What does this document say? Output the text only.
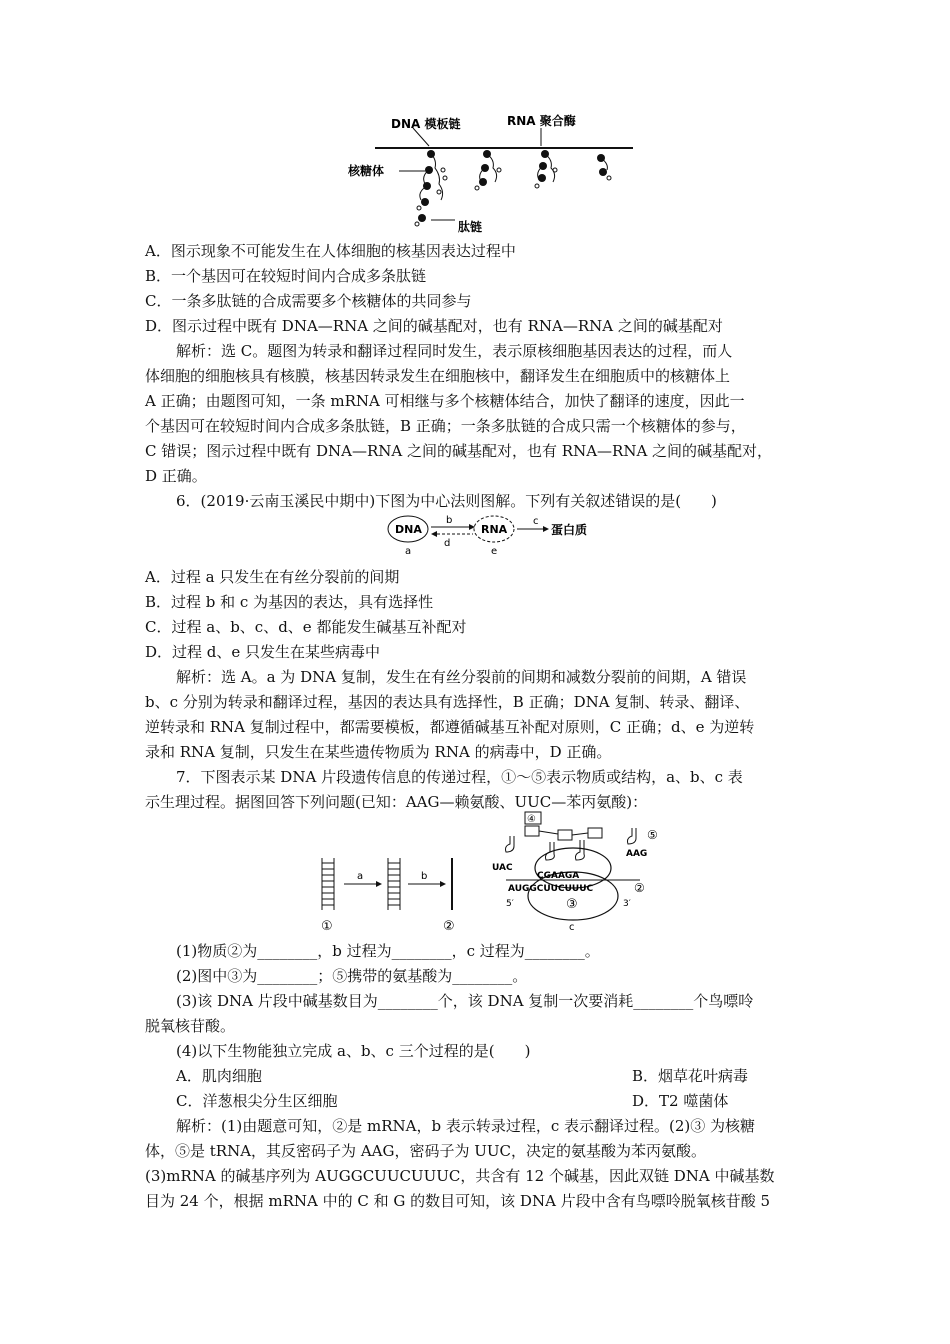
DNA 模板链	RNA 聚合酶
核糖体
肽链
A．图示现象不可能发生在人体细胞的核基因表达过程中
B．一个基因可在较短时间内合成多条肽链
C．一条多肽链的合成需要多个核糖体的共同参与
D．图示过程中既有 DNA—RNA 之间的碱基配对，也有 RNA—RNA 之间的碱基配对
解析：选 C。题图为转录和翻译过程同时发生，表示原核细胞基因表达的过程，而人
体细胞的细胞核具有核膜，核基因转录发生在细胞核中，翻译发生在细胞质中的核糖体上
A 正确；由题图可知，一条 mRNA 可相继与多个核糖体结合，加快了翻译的速度，因此一
个基因可在较短时间内合成多条肽链，B 正确；一条多肽链的合成只需一个核糖体的参与，
C 错误；图示过程中既有 DNA—RNA 之间的碱基配对，也有 RNA—RNA 之间的碱基配对，
D 正确。
6．(2019·云南玉溪民中期中)下图为中心法则图解。下列有关叙述错误的是(　　)
DNA	RNA	蛋白质
a
b	c
d
e
A．过程 a 只发生在有丝分裂前的间期
B．过程 b 和 c 为基因的表达，具有选择性
C．过程 a、b、c、d、e 都能发生碱基互补配对
D．过程 d、e 只发生在某些病毒中
解析：选 A。a 为 DNA 复制，发生在有丝分裂前的间期和减数分裂前的间期，A 错误
b、c 分别为转录和翻译过程，基因的表达具有选择性，B 正确；DNA 复制、转录、翻译、
逆转录和 RNA 复制过程中，都需要模板，都遵循碱基互补配对原则，C 正确；d、e 为逆转
录和 RNA 复制，只发生在某些遗传物质为 RNA 的病毒中，D 正确。
7．下图表示某 DNA 片段遗传信息的传递过程，①～⑤表示物质或结构，a、b、c 表
示生理过程。据图回答下列问题(已知：AAG—赖氨酸、UUC—苯丙氨酸)：
a	b
①	②
CGAAGA
AUGGCUUCUUUC	②
③
5′	3′
c
④
UAC
AAG
⑤
(1)物质②为________，b 过程为________，c 过程为________。
(2)图中③为________；⑤携带的氨基酸为________。
(3)该 DNA 片段中碱基数目为________个，该 DNA 复制一次要消耗________个鸟嘌呤
脱氧核苷酸。
(4)以下生物能独立完成 a、b、c 三个过程的是(　　)
A．肌肉细胞	B．烟草花叶病毒
C．洋葱根尖分生区细胞	D．T2 噬菌体
解析：(1)由题意可知，②是 mRNA，b 表示转录过程，c 表示翻译过程。(2)③ 为核糖
体，⑤是 tRNA，其反密码子为 AAG，密码子为 UUC，决定的氨基酸为苯丙氨酸。
(3)mRNA 的碱基序列为 AUGGCUUCUUUC，共含有 12 个碱基，因此双链 DNA 中碱基数
目为 24 个，根据 mRNA 中的 C 和 G 的数目可知，该 DNA 片段中含有鸟嘌呤脱氧核苷酸 5
